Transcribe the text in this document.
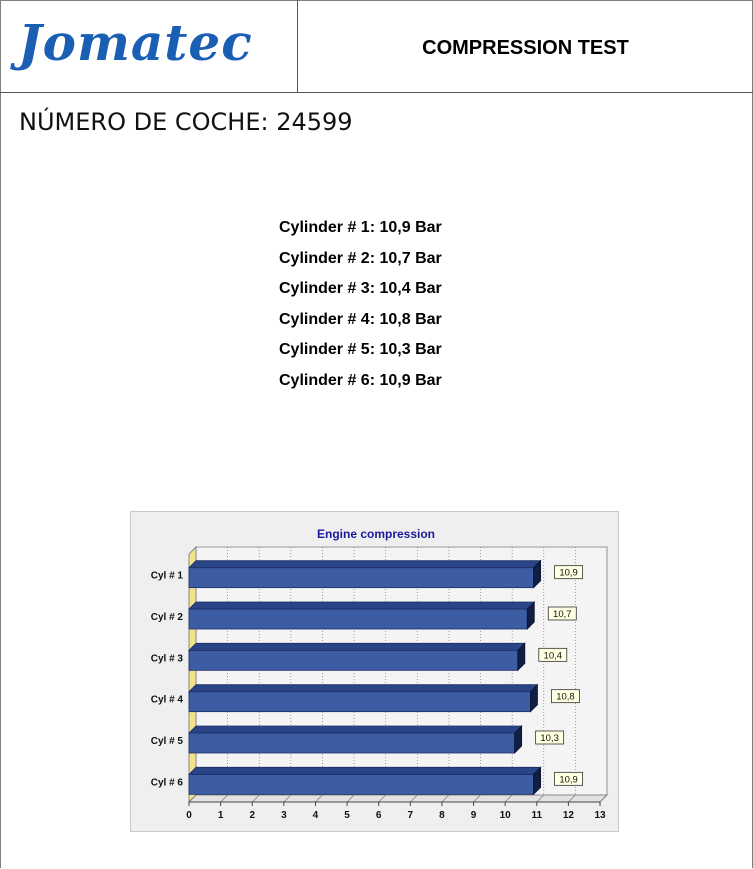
Jomatec	COMPRESSION TEST
NÚMERO DE COCHE: 24599
Cylinder # 1: 10,9 Bar
Cylinder # 2: 10,7 Bar
Cylinder # 3: 10,4 Bar
Cylinder # 4: 10,8 Bar
Cylinder # 5: 10,3 Bar
Cylinder # 6: 10,9 Bar
Engine compression
0	1	2	3	4	5	6	7	8	9 10 11 12 13
Cyl # 1	10,9
Cyl # 2	10,7
Cyl # 3	10,4
Cyl # 4	10,8
Cyl # 5	10,3
Cyl # 6	10,9
